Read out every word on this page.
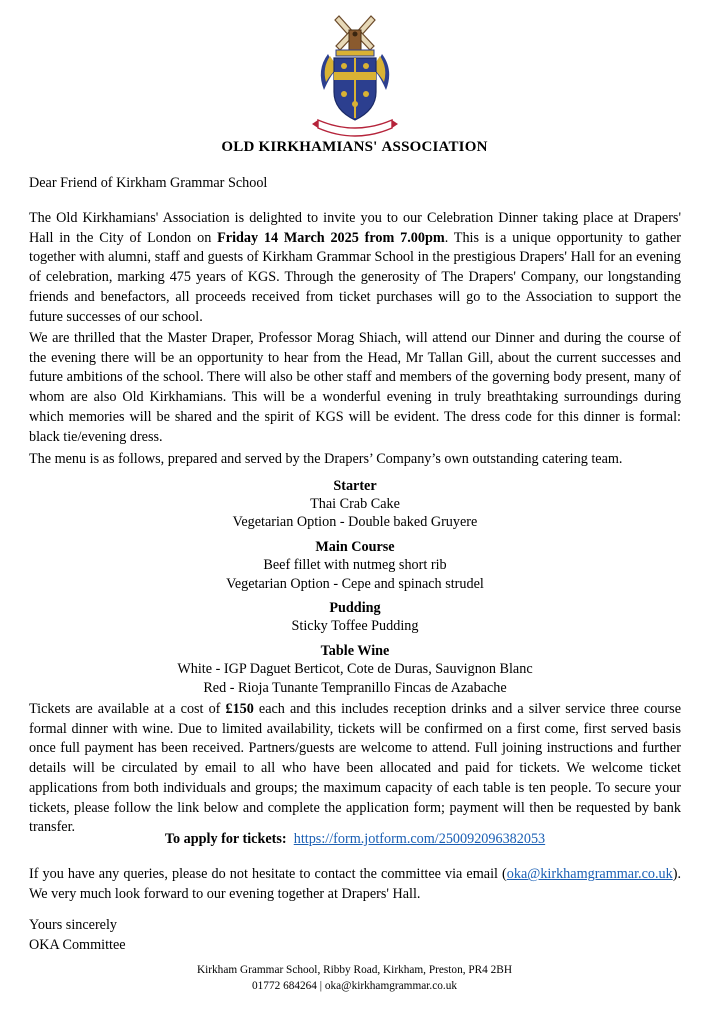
OLD KIRKHAMIANS' ASSOCIATION

Dear Friend of Kirkham Grammar School

The Old Kirkhamians' Association is delighted to invite you to our Celebration Dinner taking place at Drapers' Hall in the City of London on Friday 14 March 2025 from 7.00pm. This is a unique opportunity to gather together with alumni, staff and guests of Kirkham Grammar School in the prestigious Drapers' Hall for an evening of celebration, marking 475 years of KGS. Through the generosity of The Drapers' Company, our longstanding friends and benefactors, all proceeds received from ticket purchases will go to the Association to support the future successes of our school.

We are thrilled that the Master Draper, Professor Morag Shiach, will attend our Dinner and during the course of the evening there will be an opportunity to hear from the Head, Mr Tallan Gill, about the current successes and future ambitions of the school. There will also be other staff and members of the governing body present, many of whom are also Old Kirkhamians. This will be a wonderful evening in truly breathtaking surroundings during which memories will be shared and the spirit of KGS will be evident. The dress code for this dinner is formal: black tie/evening dress.

The menu is as follows, prepared and served by the Drapers’ Company’s own outstanding catering team.

Starter
Thai Crab Cake
Vegetarian Option - Double baked Gruyere
Main Course
Beef fillet with nutmeg short rib
Vegetarian Option - Cepe and spinach strudel
Pudding
Sticky Toffee Pudding
Table Wine
White - IGP Daguet Berticot, Cote de Duras, Sauvignon Blanc
Red - Rioja Tunante Tempranillo Fincas de Azabache

Tickets are available at a cost of £150 each and this includes reception drinks and a silver service three course formal dinner with wine. Due to limited availability, tickets will be confirmed on a first come, first served basis once full payment has been received. Partners/guests are welcome to attend. Full joining instructions and further details will be circulated by email to all who have been allocated and paid for tickets. We welcome ticket applications from both individuals and groups; the maximum capacity of each table is ten people. To secure your tickets, please follow the link below and complete the application form; payment will then be requested by bank transfer.

To apply for tickets: https://form.jotform.com/250092096382053

If you have any queries, please do not hesitate to contact the committee via email (oka@kirkhamgrammar.co.uk). We very much look forward to our evening together at Drapers' Hall.

Yours sincerely
OKA Committee
Kirkham Grammar School, Ribby Road, Kirkham, Preston, PR4 2BH
01772 684264 | oka@kirkhamgrammar.co.uk
